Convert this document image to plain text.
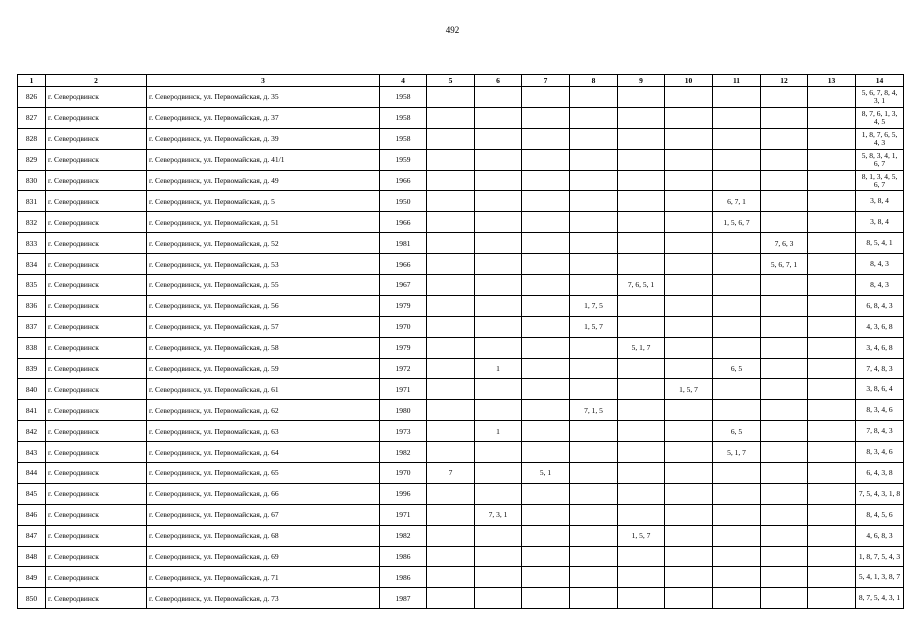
492
1	2	3	4	5	6	7	8	9	10	11	12	13	14
826	г. Северодвинск	г. Северодвинск, ул. Первомайская, д. 35	1958										5, 6, 7, 8, 4, 3, 1
827	г. Северодвинск	г. Северодвинск, ул. Первомайская, д. 37	1958										8, 7, 6, 1, 3, 4, 5
828	г. Северодвинск	г. Северодвинск, ул. Первомайская, д. 39	1958										1, 8, 7, 6, 5, 4, 3
829	г. Северодвинск	г. Северодвинск, ул. Первомайская, д. 41/1	1959										5, 8, 3, 4, 1, 6, 7
830	г. Северодвинск	г. Северодвинск, ул. Первомайская, д. 49	1966										8, 1, 3, 4, 5, 6, 7
831	г. Северодвинск	г. Северодвинск, ул. Первомайская, д. 5	1950							6, 7, 1			3, 8, 4
832	г. Северодвинск	г. Северодвинск, ул. Первомайская, д. 51	1966							1, 5, 6, 7			3, 8, 4
833	г. Северодвинск	г. Северодвинск, ул. Первомайская, д. 52	1981								7, 6, 3		8, 5, 4, 1
834	г. Северодвинск	г. Северодвинск, ул. Первомайская, д. 53	1966								5, 6, 7, 1		8, 4, 3
835	г. Северодвинск	г. Северодвинск, ул. Первомайская, д. 55	1967					7, 6, 5, 1					8, 4, 3
836	г. Северодвинск	г. Северодвинск, ул. Первомайская, д. 56	1979				1, 7, 5						6, 8, 4, 3
837	г. Северодвинск	г. Северодвинск, ул. Первомайская, д. 57	1970				1, 5, 7						4, 3, 6, 8
838	г. Северодвинск	г. Северодвинск, ул. Первомайская, д. 58	1979					5, 1, 7					3, 4, 6, 8
839	г. Северодвинск	г. Северодвинск, ул. Первомайская, д. 59	1972		1					6, 5			7, 4, 8, 3
840	г. Северодвинск	г. Северодвинск, ул. Первомайская, д. 61	1971						1, 5, 7				3, 8, 6, 4
841	г. Северодвинск	г. Северодвинск, ул. Первомайская, д. 62	1980				7, 1, 5						8, 3, 4, 6
842	г. Северодвинск	г. Северодвинск, ул. Первомайская, д. 63	1973		1					6, 5			7, 8, 4, 3
843	г. Северодвинск	г. Северодвинск, ул. Первомайская, д. 64	1982							5, 1, 7			8, 3, 4, 6
844	г. Северодвинск	г. Северодвинск, ул. Первомайская, д. 65	1970	7		5, 1							6, 4, 3, 8
845	г. Северодвинск	г. Северодвинск, ул. Первомайская, д. 66	1996										7, 5, 4, 3, 1, 8
846	г. Северодвинск	г. Северодвинск, ул. Первомайская, д. 67	1971		7, 3, 1								8, 4, 5, 6
847	г. Северодвинск	г. Северодвинск, ул. Первомайская, д. 68	1982					1, 5, 7					4, 6, 8, 3
848	г. Северодвинск	г. Северодвинск, ул. Первомайская, д. 69	1986										1, 8, 7, 5, 4, 3
849	г. Северодвинск	г. Северодвинск, ул. Первомайская, д. 71	1986										5, 4, 1, 3, 8, 7
850	г. Северодвинск	г. Северодвинск, ул. Первомайская, д. 73	1987										8, 7, 5, 4, 3, 1
